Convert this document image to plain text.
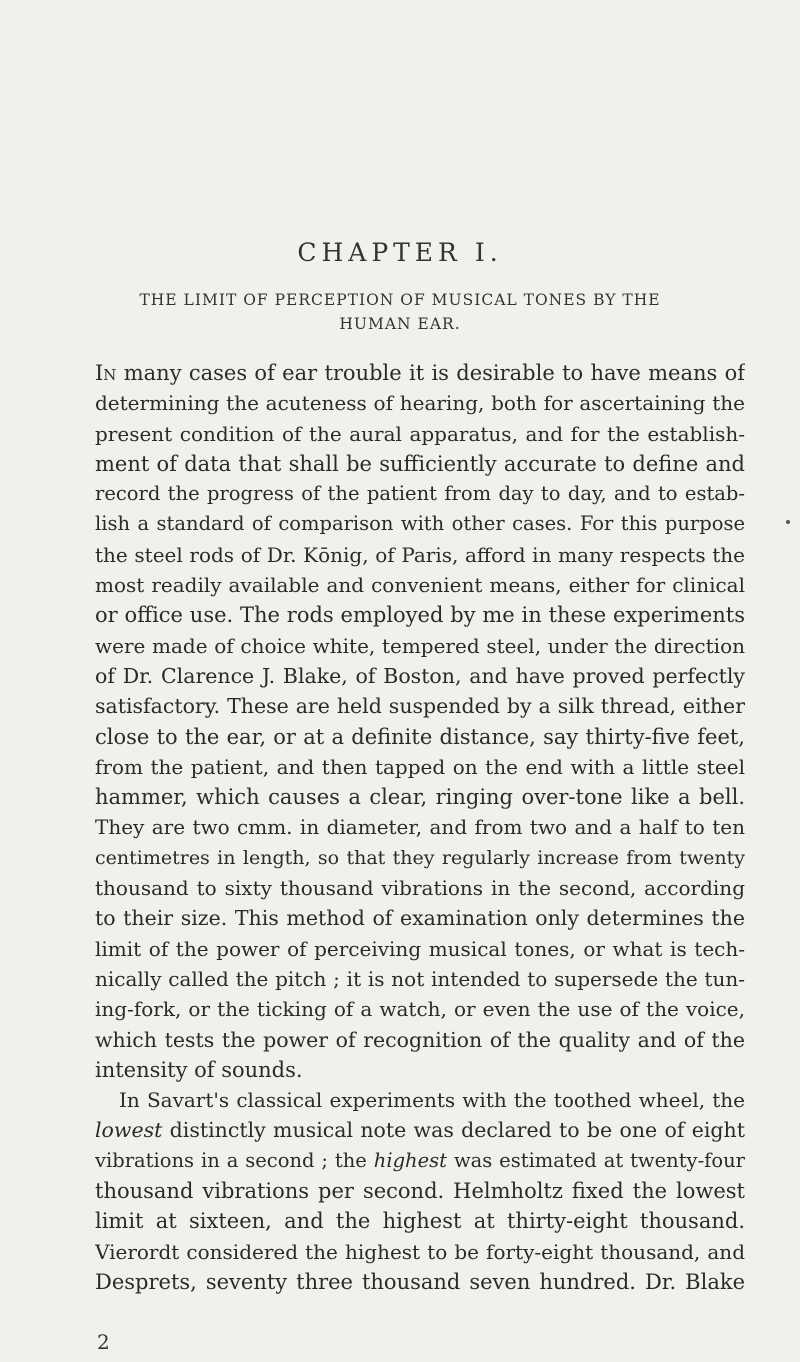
CHAPTER I.
THE LIMIT OF PERCEPTION OF MUSICAL TONES BY THE
HUMAN EAR.
In many cases of ear trouble it is desirable to have means of
determining the acuteness of hearing, both for ascertaining the
present condition of the aural apparatus, and for the establish-
ment of data that shall be sufficiently accurate to define and
record the progress of the patient from day to day, and to estab-
lish a standard of comparison with other cases. For this purpose
the steel rods of Dr. Kōnig, of Paris, afford in many respects the
most readily available and convenient means, either for clinical
or office use. The rods employed by me in these experiments
were made of choice white, tempered steel, under the direction
of Dr. Clarence J. Blake, of Boston, and have proved perfectly
satisfactory. These are held suspended by a silk thread, either
close to the ear, or at a definite distance, say thirty-five feet,
from the patient, and then tapped on the end with a little steel
hammer, which causes a clear, ringing over-tone like a bell.
They are two cmm. in diameter, and from two and a half to ten
centimetres in length, so that they regularly increase from twenty
thousand to sixty thousand vibrations in the second, according
to their size. This method of examination only determines the
limit of the power of perceiving musical tones, or what is tech-
nically called the pitch ; it is not intended to supersede the tun-
ing-fork, or the ticking of a watch, or even the use of the voice,
which tests the power of recognition of the quality and of the
intensity of sounds.
In Savart's classical experiments with the toothed wheel, the
lowest distinctly musical note was declared to be one of eight
vibrations in a second ; the highest was estimated at twenty-four
thousand vibrations per second. Helmholtz fixed the lowest
limit at sixteen, and the highest at thirty-eight thousand.
Vierordt considered the highest to be forty-eight thousand, and
Desprets, seventy three thousand seven hundred. Dr. Blake
2
